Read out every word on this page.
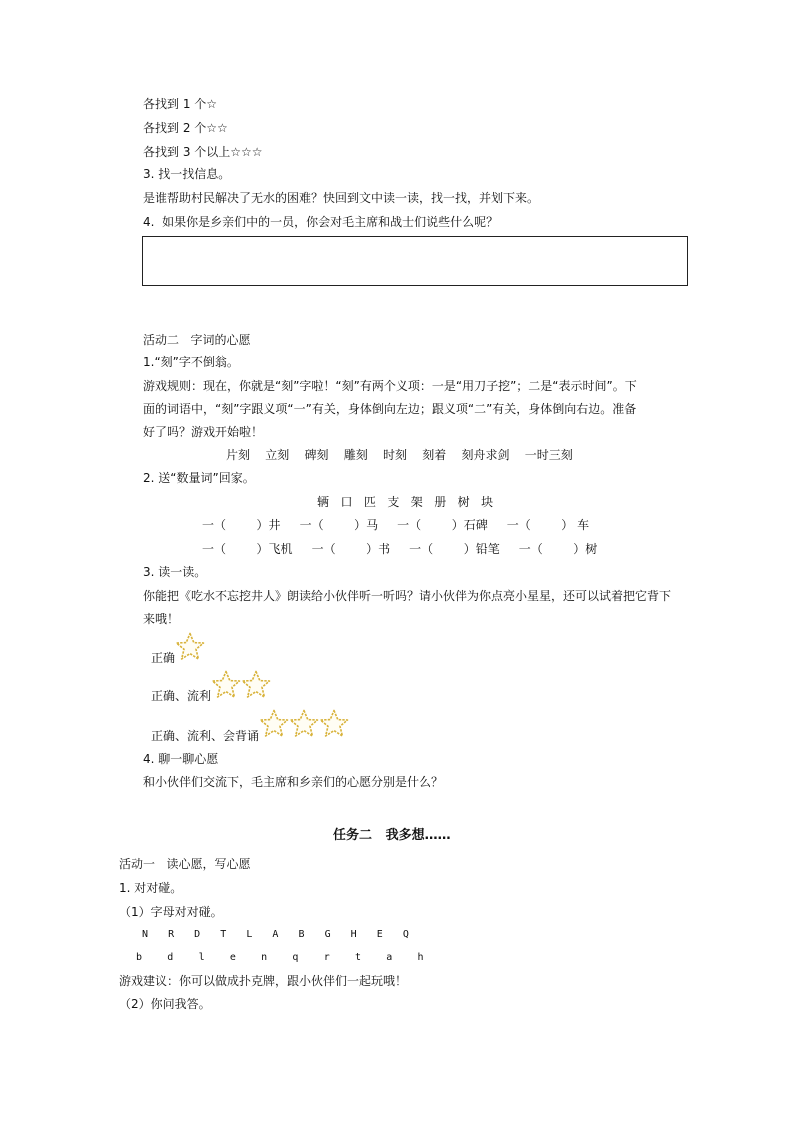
各找到 1 个☆
各找到 2 个☆☆
各找到 3 个以上☆☆☆
3. 找一找信息。
是谁帮助村民解决了无水的困难？快回到文中读一读，找一找，并划下来。
4.  如果你是乡亲们中的一员，你会对毛主席和战士们说些什么呢？
活动二   字词的心愿
1.“刻”字不倒翁。
游戏规则：现在，你就是“刻”字啦！“刻”有两个义项：一是“用刀子挖”；二是“表示时间”。下
面的词语中，“刻”字跟义项“一”有关，身体倒向左边；跟义项“二”有关，身体倒向右边。准备
好了吗？游戏开始啦！
片刻    立刻    碑刻    雕刻    时刻    刻着    刻舟求剑    一时三刻
2. 送“数量词”回家。
辆   口   匹   支   架   册   树   块
一（        ）井     一（        ）马     一（        ）石碑     一（        ） 车
一（        ）飞机     一（        ）书     一（        ）铅笔     一（        ）树
3. 读一读。
你能把《吃水不忘挖井人》朗读给小伙伴听一听吗？请小伙伴为你点亮小星星，还可以试着把它背下
来哦！
正确
正确、流利
正确、流利、会背诵
4. 聊一聊心愿
和小伙伴们交流下，毛主席和乡亲们的心愿分别是什么？
任务二   我多想……
活动一   读心愿，写心愿
1. 对对碰。
（1）字母对对碰。
N   R   D   T   L   A   B   G   H   E   Q
b   d   l   e   n   q   r   t   a   h
游戏建议：你可以做成扑克牌，跟小伙伴们一起玩哦！
（2）你问我答。
